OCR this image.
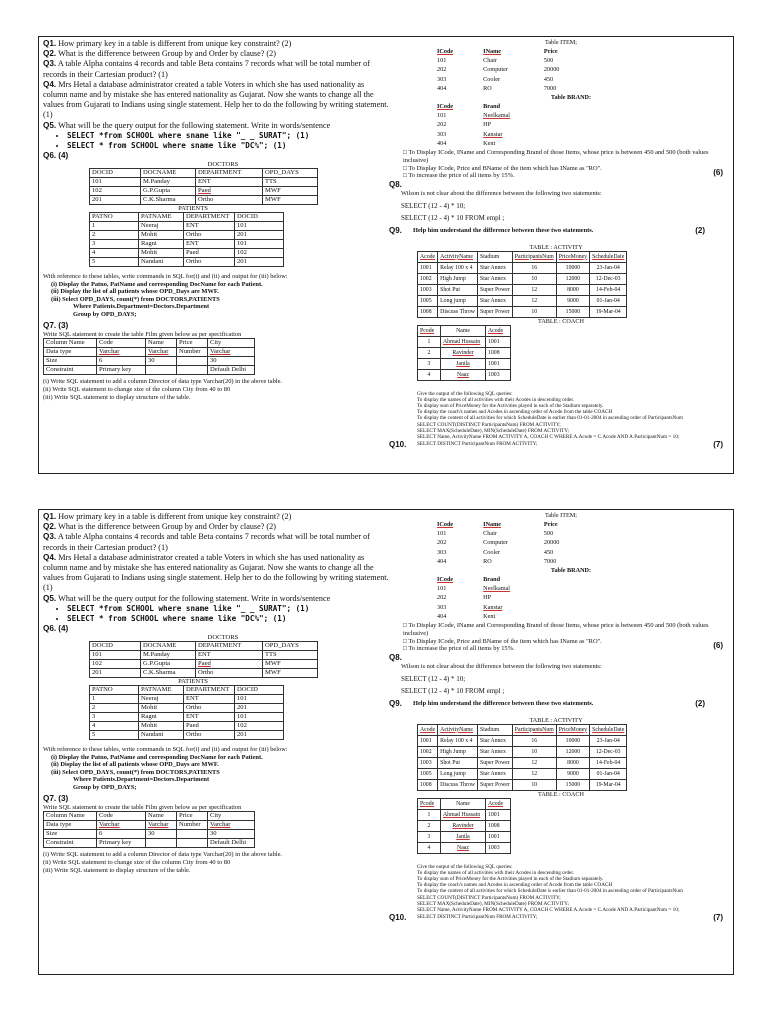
Q1. How primary key in a table is different from unique key constraint? (2)

Q2. What is the difference between Group by and Order by clause? (2)

Q3. A table Alpha contains 4 records and table Beta contains 7 records what will be total number of records in their Cartesian product? (1)

Q4. Mrs Hetal a database administrator created a table Voters in which she has used nationality as column name and by mistake she has entered nationality as Gujarat. Now she wants to change all the values from Gujarati to Indians using single statement. Help her to do the following by writing statement. (1)

Q5. What will be the query output for the following statement. Write in words/sentence

• SELECT *from SCHOOL where sname like "_ _ SURAT"; (1)
• SELECT * from SCHOOL where sname like "DC%"; (1)

Q6. (4)

DOCTORS
DOCID	DOCNAME	DEPARTMENT	OPD_DAYS
101	M.Panday	ENT	TTS
102	G.P.Gupta	Paed	MWF
201	C.K.Sharma	Ortho	MWF
PATIENTS
PATNO	PATNAME	DEPARTMENT	DOCID
1	Neeraj	ENT	101
2	Mohit	Ortho	201
3	Ragni	ENT	101
4	Mohit	Paed	102
5	Nandani	Ortho	201

With reference to these tables, write commands in SQL for(i) and (ii) and output for (iii) below:

(i) Display the Patno, PatName and corresponding DocName for each Patient.

(ii) Display the list of all patients whose OPD_Days are MWF.

(iii) Select OPD_DAYS, count(*) from DOCTORS,PATIENTS

Where Patients.Department=Doctors.Department

Group by OPD_DAYS;

Q7. (3)

Write SQL statement to create the table Film given below as per specification

Column Name	Code	Name	Price	City
Data type	Varchar	Varchar	Number	Varchar
Size	6	30		30
Constraint	Primary key			Default Delhi

(i) Write SQL statement to add a column Director of data type Varchar(20) in the above table.

(ii) Write SQL statement to change size of the column City from 40 to 80

(iii) Write SQL statement to display structure of the table.

Table ITEM;
ICode	IName	Price
101	Chair	500
202	Computer	20000
303	Cooler	450
404	RO	7000
Table BRAND:
ICode	Brand
101	Neelkamal
202	HP
303	Kanstar
404	Kent

□ To Display ICode, IName and Corresponding Brand of those Items, whose price is between 450 and 500 (both values inclusive)

□ To Display ICode, Price and BName of the item which has IName as "RO".

□ To increase the price of all items by 15%.

Q8.
(6)

Wilson is not clear about the difference between the following two statements:

SELECT (12 - 4) * 10;

SELECT (12 - 4) * 10 FROM empl ;

Q9. Help him understand the difference between these two statements.	(2)
TABLE : ACTIVITY
Acode	ActivityName	Stadium	ParticipantsNum	PriceMoney	ScheduleDate
1001	Relay 100 x 4	Star Annex	16	10000	23-Jan-04
1002	High Jump	Star Annex	10	12000	12-Dec-03
1003	Shot Put	Super Power	12	8000	14-Feb-04
1005	Long jump	Star Annex	12	9000	01-Jan-04
1008	Discuss Throw	Super Power	10	15000	19-Mar-04
TABLE : COACH
Pcode	Name	Acode
1	Ahmad Hussain	1001
2	Ravinder	1008
3	Janila	1001
4	Naaz	1003
Give the output of the following SQL queries:
To display the names of all activities with their Acodes in descending order.
To display sum of PriceMoney for the Activities played in each of the Stadium separately.
To display the coach's names and Acodes in ascending order of Acode from the table COACH
To display the content of all activities for which ScheduleDate is earlier than 01-01-2004 in ascending order of ParticipantsNum
SELECT COUNT(DISTINCT ParticipantsNum) FROM ACTIVITY;
SELECT MAX(ScheduleDate), MIN(ScheduleDate) FROM ACTIVITY;
SELECT Name, ActivityName FROM ACTIVITY A, COACH C WHERE A.Acode = C.Acode AND A.ParticipantNum = 10;
Q10. SELECT DISTINCT ParticipantNum FROM ACTIVITY;	(7)

Q1. How primary key in a table is different from unique key constraint? (2)

Q2. What is the difference between Group by and Order by clause? (2)

Q3. A table Alpha contains 4 records and table Beta contains 7 records what will be total number of records in their Cartesian product? (1)

Q4. Mrs Hetal a database administrator created a table Voters in which she has used nationality as column name and by mistake she has entered nationality as Gujarat. Now she wants to change all the values from Gujarati to Indians using single statement. Help her to do the following by writing statement. (1)

Q5. What will be the query output for the following statement. Write in words/sentence

• SELECT *from SCHOOL where sname like "_ _ SURAT"; (1)
• SELECT * from SCHOOL where sname like "DC%"; (1)

Q6. (4)

DOCTORS
DOCID	DOCNAME	DEPARTMENT	OPD_DAYS
101	M.Panday	ENT	TTS
102	G.P.Gupta	Paed	MWF
201	C.K.Sharma	Ortho	MWF
PATIENTS
PATNO	PATNAME	DEPARTMENT	DOCID
1	Neeraj	ENT	101
2	Mohit	Ortho	201
3	Ragni	ENT	101
4	Mohit	Paed	102
5	Nandani	Ortho	201

With reference to these tables, write commands in SQL for(i) and (ii) and output for (iii) below:

(i) Display the Patno, PatName and corresponding DocName for each Patient.

(ii) Display the list of all patients whose OPD_Days are MWF.

(iii) Select OPD_DAYS, count(*) from DOCTORS,PATIENTS

Where Patients.Department=Doctors.Department

Group by OPD_DAYS;

Q7. (3)

Write SQL statement to create the table Film given below as per specification

Column Name	Code	Name	Price	City
Data type	Varchar	Varchar	Number	Varchar
Size	6	30		30
Constraint	Primary key			Default Delhi

(i) Write SQL statement to add a column Director of data type Varchar(20) in the above table.

(ii) Write SQL statement to change size of the column City from 40 to 80

(iii) Write SQL statement to display structure of the table.

Table ITEM;
ICode	IName	Price
101	Chair	500
202	Computer	20000
303	Cooler	450
404	RO	7000
Table BRAND:
ICode	Brand
101	Neelkamal
202	HP
303	Kanstar
404	Kent

□ To Display ICode, IName and Corresponding Brand of those Items, whose price is between 450 and 500 (both values inclusive)

□ To Display ICode, Price and BName of the item which has IName as "RO".

□ To increase the price of all items by 15%.

Q8.
(6)

Wilson is not clear about the difference between the following two statements:

SELECT (12 - 4) * 10;

SELECT (12 - 4) * 10 FROM empl ;

Q9. Help him understand the difference between these two statements.	(2)
TABLE : ACTIVITY
Acode	ActivityName	Stadium	ParticipantsNum	PriceMoney	ScheduleDate
1001	Relay 100 x 4	Star Annex	16	10000	23-Jan-04
1002	High Jump	Star Annex	10	12000	12-Dec-03
1003	Shot Put	Super Power	12	8000	14-Feb-04
1005	Long jump	Star Annex	12	9000	01-Jan-04
1008	Discuss Throw	Super Power	10	15000	19-Mar-04
TABLE : COACH
Pcode	Name	Acode
1	Ahmad Hussain	1001
2	Ravinder	1008
3	Janila	1001
4	Naaz	1003
Give the output of the following SQL queries:
To display the names of all activities with their Acodes in descending order.
To display sum of PriceMoney for the Activities played in each of the Stadium separately.
To display the coach's names and Acodes in ascending order of Acode from the table COACH
To display the content of all activities for which ScheduleDate is earlier than 01-01-2004 in ascending order of ParticipantsNum
SELECT COUNT(DISTINCT ParticipantsNum) FROM ACTIVITY;
SELECT MAX(ScheduleDate), MIN(ScheduleDate) FROM ACTIVITY;
SELECT Name, ActivityName FROM ACTIVITY A, COACH C WHERE A.Acode = C.Acode AND A.ParticipantNum = 10;
Q10. SELECT DISTINCT ParticipantNum FROM ACTIVITY;	(7)
